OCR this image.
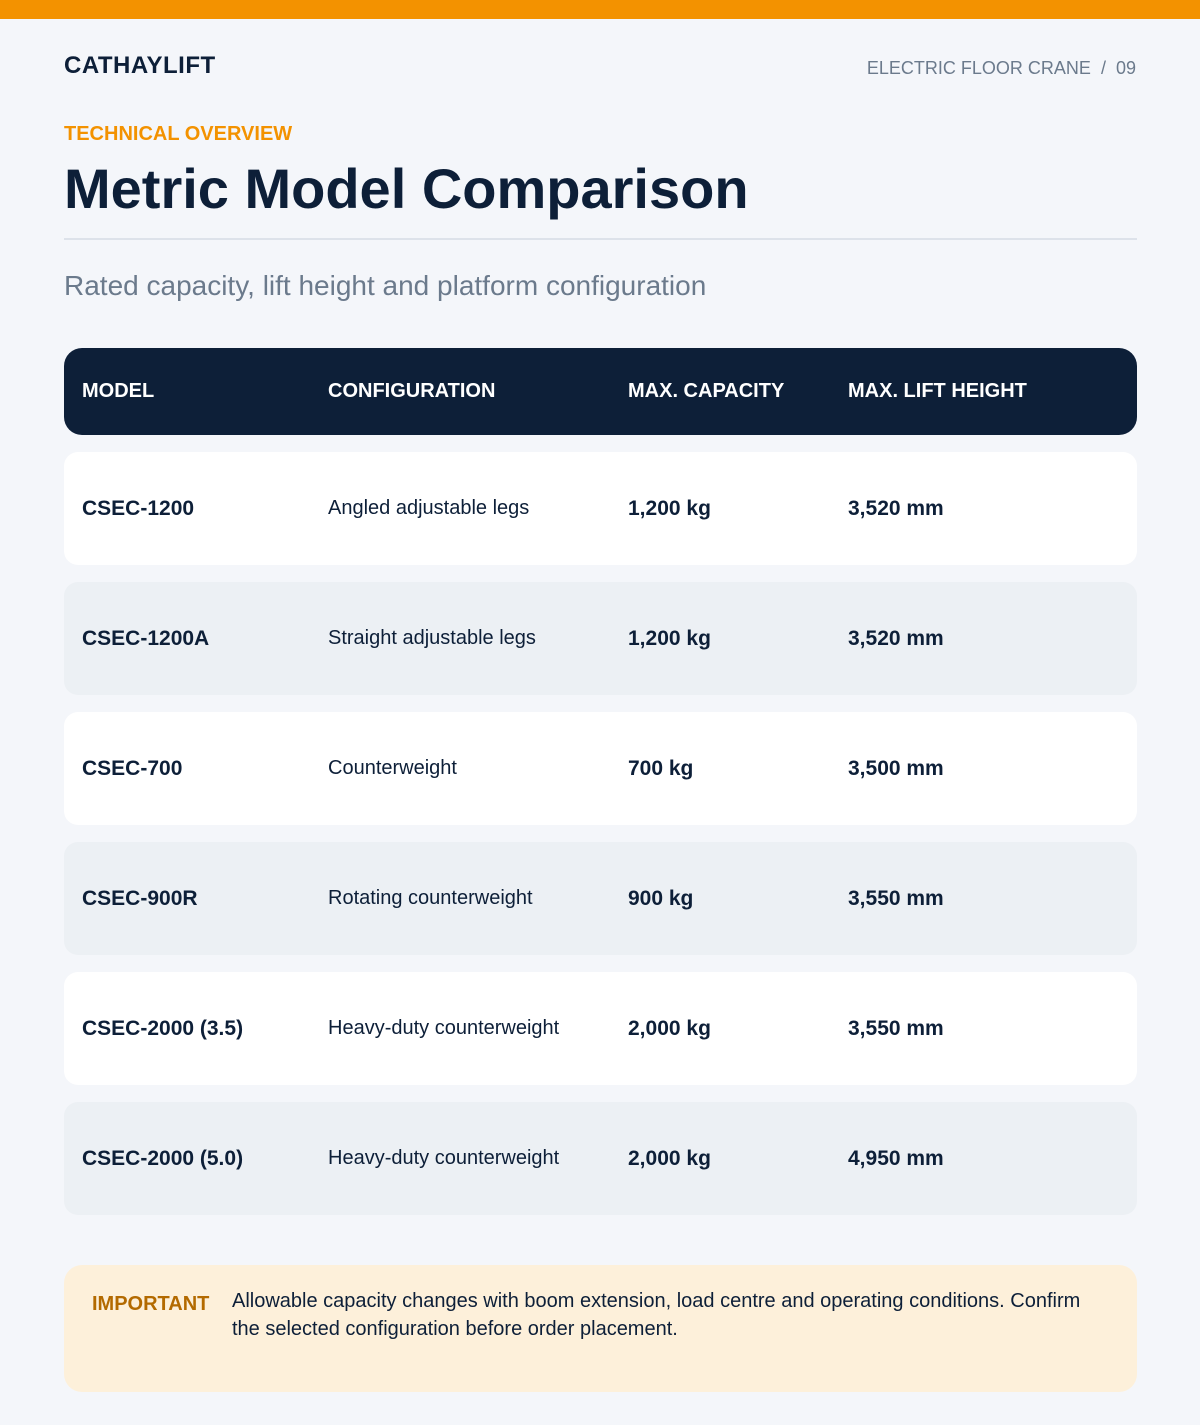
CATHAYLIFT	ELECTRIC FLOOR CRANE / 09
TECHNICAL OVERVIEW
Metric Model Comparison
Rated capacity, lift height and platform configuration
MODEL	CONFIGURATION	MAX. CAPACITY	MAX. LIFT HEIGHT
CSEC-1200	Angled adjustable legs	1,200 kg	3,520 mm
CSEC-1200A	Straight adjustable legs	1,200 kg	3,520 mm
CSEC-700	Counterweight	700 kg	3,500 mm
CSEC-900R	Rotating counterweight	900 kg	3,550 mm
CSEC-2000 (3.5)	Heavy-duty counterweight	2,000 kg	3,550 mm
CSEC-2000 (5.0)	Heavy-duty counterweight	2,000 kg	4,950 mm
IMPORTANT Allowable capacity changes with boom extension, load centre and operating conditions. Confirm the selected configuration before order placement.
